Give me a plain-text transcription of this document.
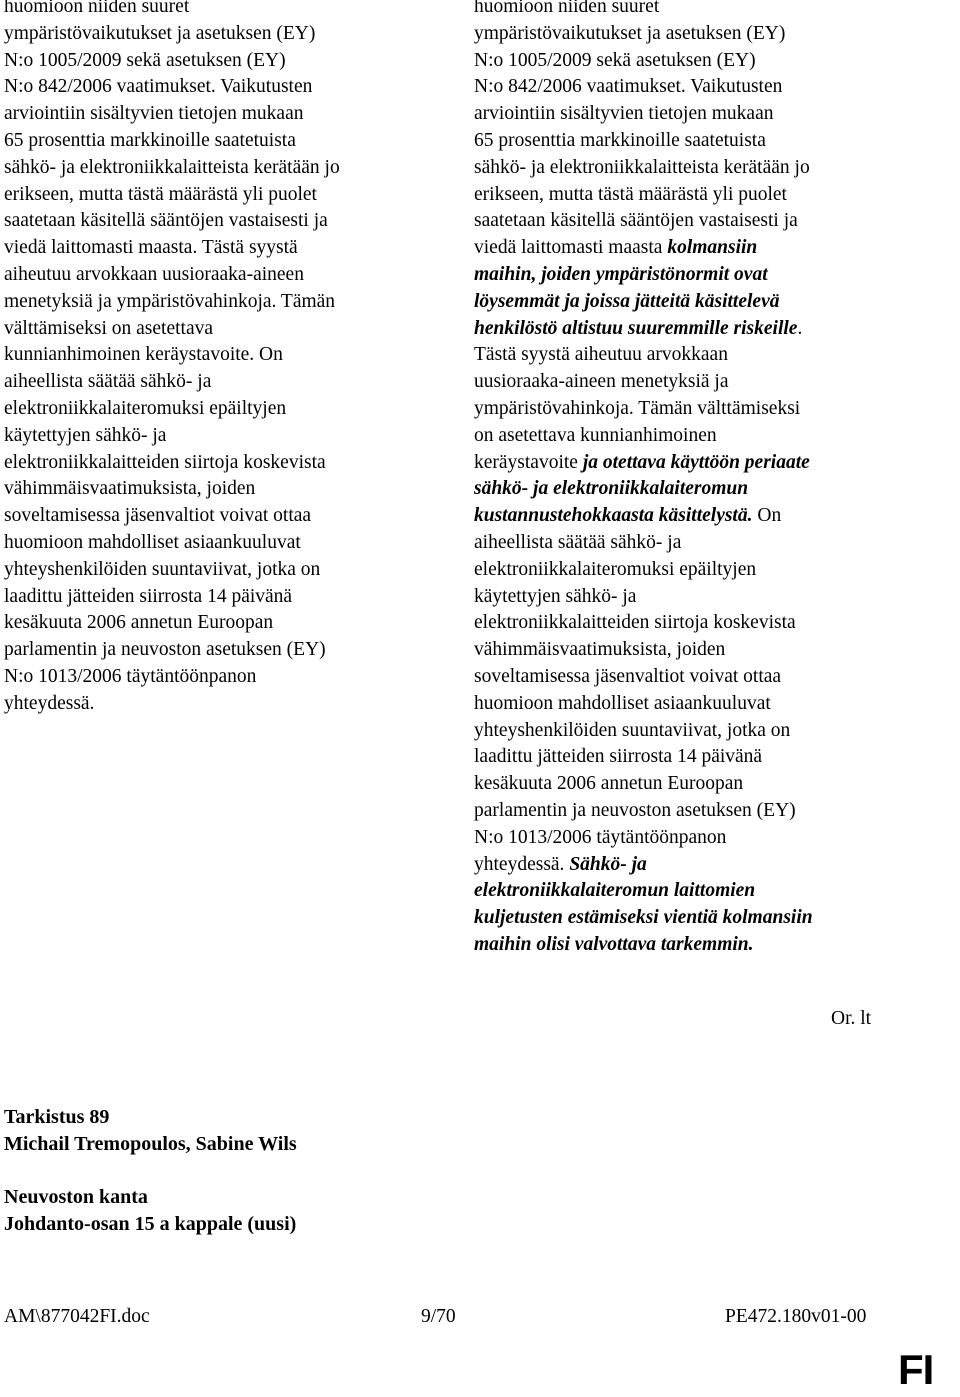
huomioon niiden suuret
ympäristövaikutukset ja asetuksen (EY)
N:o 1005/2009 sekä asetuksen (EY)
N:o 842/2006 vaatimukset. Vaikutusten
arviointiin sisältyvien tietojen mukaan
65 prosenttia markkinoille saatetuista
sähkö- ja elektroniikkalaitteista kerätään jo
erikseen, mutta tästä määrästä yli puolet
saatetaan käsitellä sääntöjen vastaisesti ja
viedä laittomasti maasta. Tästä syystä
aiheutuu arvokkaan uusioraaka-aineen
menetyksiä ja ympäristövahinkoja. Tämän
välttämiseksi on asetettava
kunnianhimoinen keräystavoite. On
aiheellista säätää sähkö- ja
elektroniikkalaiteromuksi epäiltyjen
käytettyjen sähkö- ja
elektroniikkalaitteiden siirtoja koskevista
vähimmäisvaatimuksista, joiden
soveltamisessa jäsenvaltiot voivat ottaa
huomioon mahdolliset asiaankuuluvat
yhteyshenkilöiden suuntaviivat, jotka on
laadittu jätteiden siirrosta 14 päivänä
kesäkuuta 2006 annetun Euroopan
parlamentin ja neuvoston asetuksen (EY)
N:o 1013/2006 täytäntöönpanon
yhteydessä.
huomioon niiden suuret
ympäristövaikutukset ja asetuksen (EY)
N:o 1005/2009 sekä asetuksen (EY)
N:o 842/2006 vaatimukset. Vaikutusten
arviointiin sisältyvien tietojen mukaan
65 prosenttia markkinoille saatetuista
sähkö- ja elektroniikkalaitteista kerätään jo
erikseen, mutta tästä määrästä yli puolet
saatetaan käsitellä sääntöjen vastaisesti ja
viedä laittomasti maasta kolmansiin
maihin, joiden ympäristönormit ovat
löysemmät ja joissa jätteitä käsittelevä
henkilöstö altistuu suuremmille riskeille.
Tästä syystä aiheutuu arvokkaan
uusioraaka-aineen menetyksiä ja
ympäristövahinkoja. Tämän välttämiseksi
on asetettava kunnianhimoinen
keräystavoite ja otettava käyttöön periaate
sähkö- ja elektroniikkalaiteromun
kustannustehokkaasta käsittelystä. On
aiheellista säätää sähkö- ja
elektroniikkalaiteromuksi epäiltyjen
käytettyjen sähkö- ja
elektroniikkalaitteiden siirtoja koskevista
vähimmäisvaatimuksista, joiden
soveltamisessa jäsenvaltiot voivat ottaa
huomioon mahdolliset asiaankuuluvat
yhteyshenkilöiden suuntaviivat, jotka on
laadittu jätteiden siirrosta 14 päivänä
kesäkuuta 2006 annetun Euroopan
parlamentin ja neuvoston asetuksen (EY)
N:o 1013/2006 täytäntöönpanon
yhteydessä. Sähkö- ja
elektroniikkalaiteromun laittomien
kuljetusten estämiseksi vientiä kolmansiin
maihin olisi valvottava tarkemmin.
Or. lt
Tarkistus 89
Michail Tremopoulos, Sabine Wils
Neuvoston kanta
Johdanto-osan 15 a kappale (uusi)
AM\877042FI.doc	9/70	PE472.180v01-00
FI
